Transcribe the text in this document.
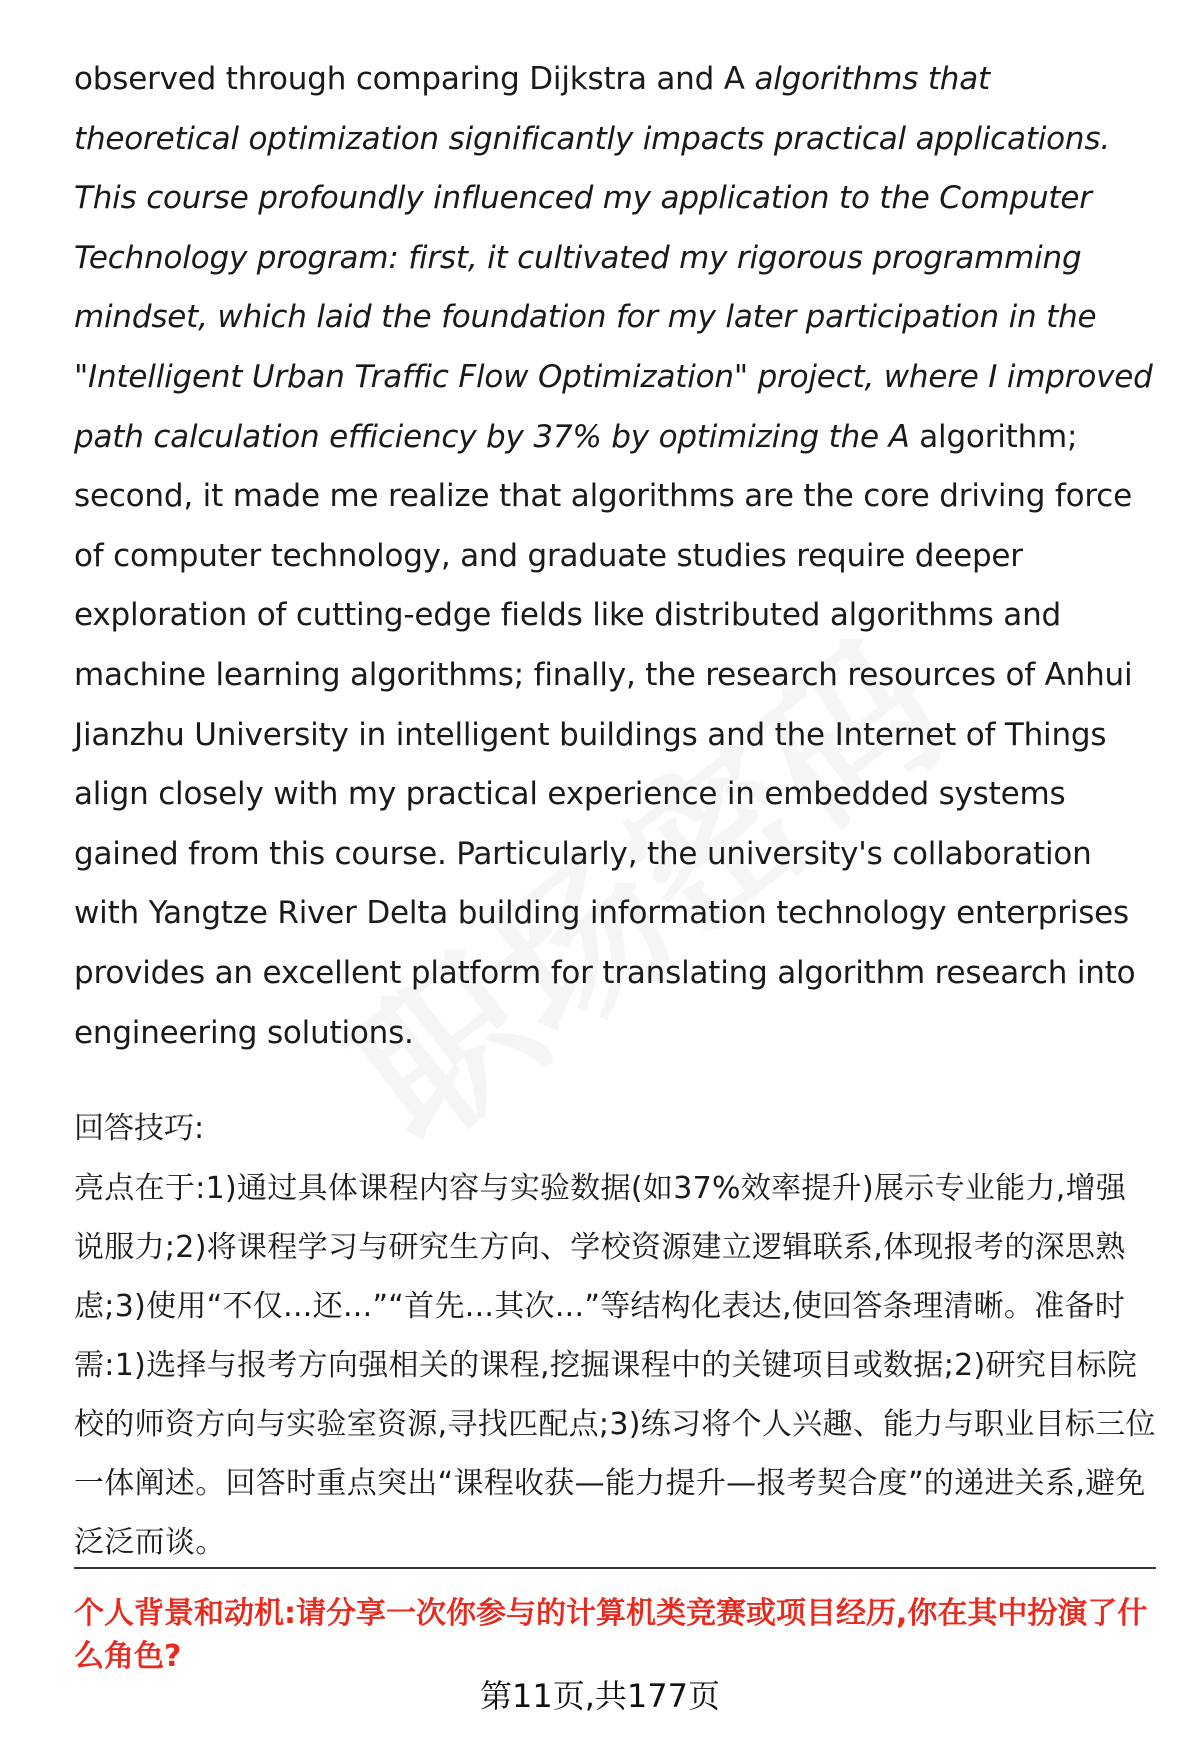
observed through comparing Dijkstra and A algorithms that theoretical optimization significantly impacts practical applications. This course profoundly influenced my application to the Computer Technology program: first, it cultivated my rigorous programming mindset, which laid the foundation for my later participation in the "Intelligent Urban Traffic Flow Optimization" project, where I improved path calculation efficiency by 37% by optimizing the A algorithm; second, it made me realize that algorithms are the core driving force of computer technology, and graduate studies require deeper exploration of cutting-edge fields like distributed algorithms and machine learning algorithms; finally, the research resources of Anhui Jianzhu University in intelligent buildings and the Internet of Things align closely with my practical experience in embedded systems gained from this course. Particularly, the university's collaboration with Yangtze River Delta building information technology enterprises provides an excellent platform for translating algorithm research into engineering solutions.

回答技巧:

亮点在于:1)通过具体课程内容与实验数据(如37%效率提升)展示专业能力,增强说服力;2)将课程学习与研究生方向、学校资源建立逻辑联系,体现报考的深思熟虑;3)使用“不仅...还...”“首先...其次...”等结构化表达,使回答条理清晰。准备时需:1)选择与报考方向强相关的课程,挖掘课程中的关键项目或数据;2)研究目标院校的师资方向与实验室资源,寻找匹配点;3)练习将个人兴趣、能力与职业目标三位一体阐述。回答时重点突出“课程收获—能力提升—报考契合度”的递进关系,避免泛泛而谈。

个人背景和动机:请分享一次你参与的计算机类竞赛或项目经历,你在其中扮演了什么角色?

第11页,共177页
